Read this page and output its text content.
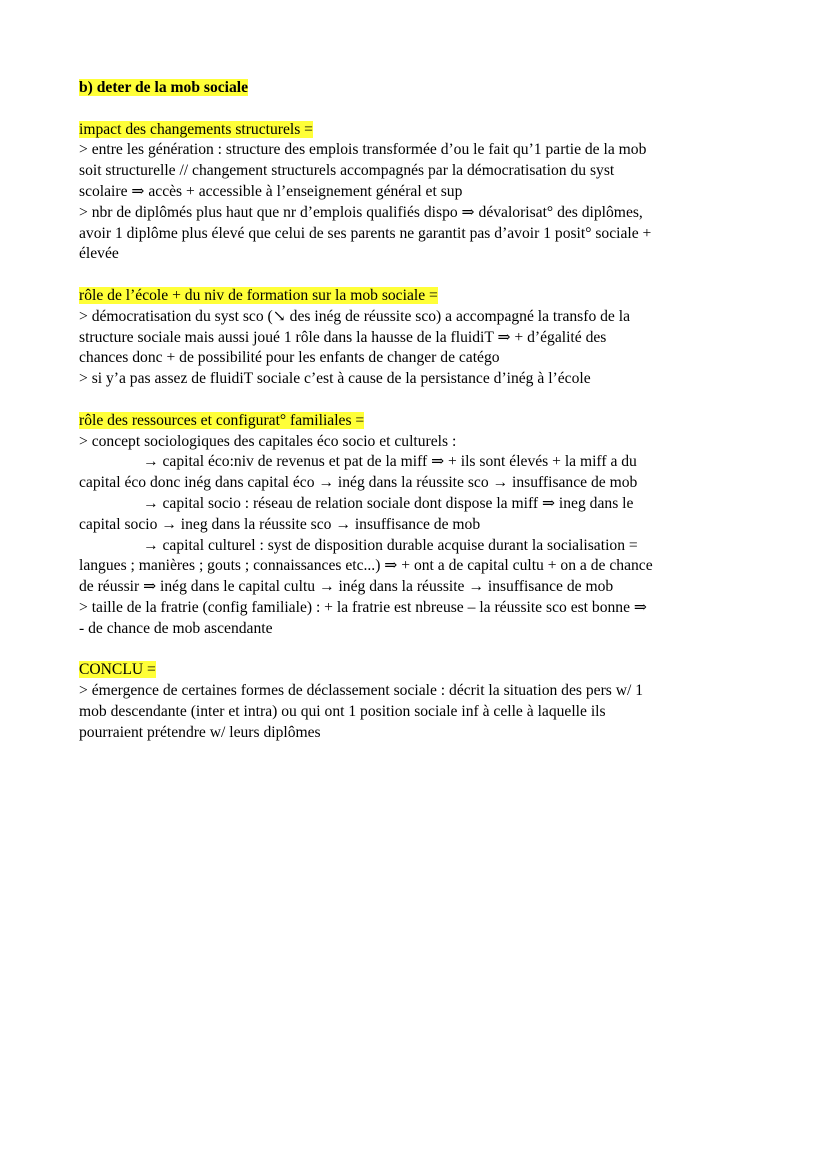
b) deter de la mob sociale
impact des changements structurels =
> entre les génération : structure des emplois transformée d’ou le fait qu’1 partie de la mob
soit structurelle // changement structurels accompagnés par la démocratisation du syst
scolaire ⇒ accès + accessible à l’enseignement général et sup
> nbr de diplômés plus haut que nr d’emplois qualifiés dispo ⇒ dévalorisat° des diplômes,
avoir 1 diplôme plus élevé que celui de ses parents ne garantit pas d’avoir 1 posit° sociale +
élevée
rôle de l’école + du niv de formation sur la mob sociale =
> démocratisation du syst sco (↘ des inég de réussite sco) a accompagné la transfo de la
structure sociale mais aussi joué 1 rôle dans la hausse de la fluidiT ⇒ + d’égalité des
chances donc + de possibilité pour les enfants de changer de catégo
> si y’a pas assez de fluidiT sociale c’est à cause de la persistance d’inég à l’école
rôle des ressources et configurat° familiales =
> concept sociologiques des capitales éco socio et culturels :
→ capital éco:niv de revenus et pat de la miff ⇒ + ils sont élevés + la miff a du
capital éco donc inég dans capital éco → inég dans la réussite sco → insuffisance de mob
→ capital socio : réseau de relation sociale dont dispose la miff ⇒ ineg dans le
capital socio → ineg dans la réussite sco → insuffisance de mob
→ capital culturel : syst de disposition durable acquise durant la socialisation =
langues ; manières ; gouts ; connaissances etc...) ⇒ + ont a de capital cultu + on a de chance
de réussir ⇒ inég dans le capital cultu → inég dans la réussite → insuffisance de mob
> taille de la fratrie (config familiale) : + la fratrie est nbreuse – la réussite sco est bonne ⇒
- de chance de mob ascendante
CONCLU =
> émergence de certaines formes de déclassement sociale : décrit la situation des pers w/ 1
mob descendante (inter et intra) ou qui ont 1 position sociale inf à celle à laquelle ils
pourraient prétendre w/ leurs diplômes
